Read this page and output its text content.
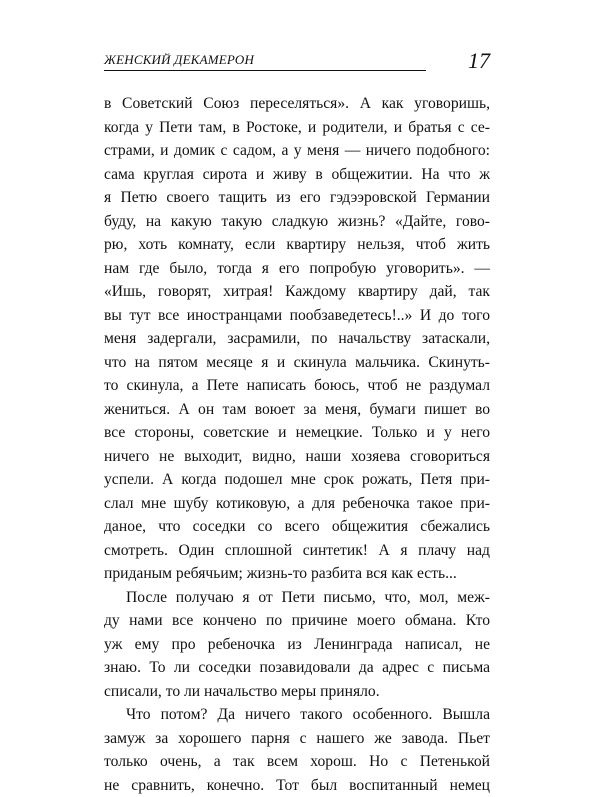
ЖЕНСКИЙ ДЕКАМЕРОН	17
в Советский Союз переселяться». А как уговоришь,
когда у Пети там, в Ростоке, и родители, и братья с се-
страми, и домик с садом, а у меня — ничего подобного:
сама круглая сирота и живу в общежитии. На что ж
я Петю своего тащить из его гэдээровской Германии
буду, на какую такую сладкую жизнь? «Дайте, гово-
рю, хоть комнату, если квартиру нельзя, чтоб жить
нам где было, тогда я его попробую уговорить». —
«Ишь, говорят, хитрая! Каждому квартиру дай, так
вы тут все иностранцами пообзаведетесь!..» И до того
меня задергали, засрамили, по начальству затаскали,
что на пятом месяце я и скинула мальчика. Скинуть-
то скинула, а Пете написать боюсь, чтоб не раздумал
жениться. А он там воюет за меня, бумаги пишет во
все стороны, советские и немецкие. Только и у него
ничего не выходит, видно, наши хозяева сговориться
успели. А когда подошел мне срок рожать, Петя при-
слал мне шубу котиковую, а для ребеночка такое при-
даное, что соседки со всего общежития сбежались
смотреть. Один сплошной синтетик! А я плачу над
приданым ребячьим; жизнь-то разбита вся как есть...
После получаю я от Пети письмо, что, мол, меж-
ду нами все кончено по причине моего обмана. Кто
уж ему про ребеночка из Ленинграда написал, не
знаю. То ли соседки позавидовали да адрес с письма
списали, то ли начальство меры приняло.
Что потом? Да ничего такого особенного. Вышла
замуж за хорошего парня с нашего же завода. Пьет
только очень, а так всем хорош. Но с Петенькой
не сравнить, конечно. Тот был воспитанный немец
